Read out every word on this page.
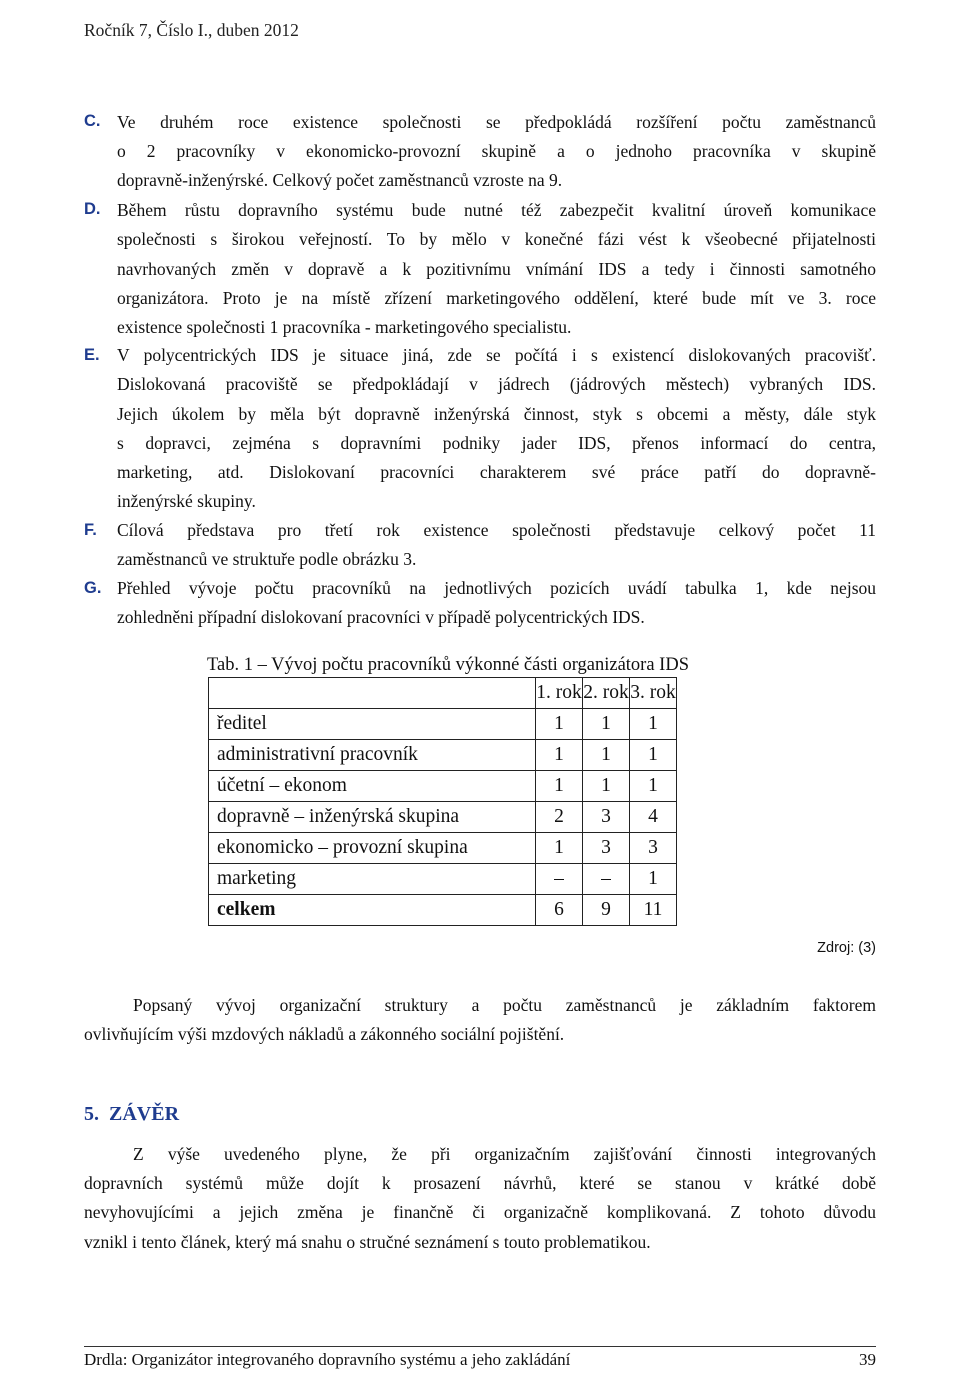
Ročník 7, Číslo I., duben 2012
C. Ve druhém roce existence společnosti se předpokládá rozšíření počtu zaměstnanců
o 2 pracovníky v ekonomicko-provozní skupině a o jednoho pracovníka v skupině
dopravně-inženýrské. Celkový počet zaměstnanců vzroste na 9.
D. Během růstu dopravního systému bude nutné též zabezpečit kvalitní úroveň komunikace
společnosti s širokou veřejností. To by mělo v konečné fázi vést k všeobecné přijatelnosti
navrhovaných změn v dopravě a k pozitivnímu vnímání IDS a tedy i činnosti samotného
organizátora. Proto je na místě zřízení marketingového oddělení, které bude mít ve 3. roce
existence společnosti 1 pracovníka - marketingového specialistu.
E. V polycentrických IDS je situace jiná, zde se počítá i s existencí dislokovaných pracovišť.
Dislokovaná pracoviště se předpokládají v jádrech (jádrových městech) vybraných IDS.
Jejich úkolem by měla být dopravně inženýrská činnost, styk s obcemi a městy, dále styk
s dopravci, zejména s dopravními podniky jader IDS, přenos informací do centra,
marketing, atd. Dislokovaní pracovníci charakterem své práce patří do dopravně-
inženýrské skupiny.
F. Cílová představa pro třetí rok existence společnosti představuje celkový počet 11
zaměstnanců ve struktuře podle obrázku 3.
G. Přehled vývoje počtu pracovníků na jednotlivých pozicích uvádí tabulka 1, kde nejsou
zohledněni případní dislokovaní pracovníci v případě polycentrických IDS.
Tab. 1 – Vývoj počtu pracovníků výkonné části organizátora IDS
	1. rok	2. rok	3. rok
ředitel	1	1	1
administrativní pracovník	1	1	1
účetní – ekonom	1	1	1
dopravně – inženýrská skupina	2	3	4
ekonomicko – provozní skupina	1	3	3
marketing	–	–	1
celkem	6	9	11
Zdroj: (3)
Popsaný vývoj organizační struktury a počtu zaměstnanců je základním faktorem
ovlivňujícím výši mzdových nákladů a zákonného sociální pojištění.
5.  ZÁVĚR
Z výše uvedeného plyne, že při organizačním zajišťování činnosti integrovaných
dopravních systémů může dojít k prosazení návrhů, které se stanou v krátké době
nevyhovujícími a jejich změna je finančně či organizačně komplikovaná. Z tohoto důvodu
vznikl i tento článek, který má snahu o stručné seznámení s touto problematikou.
Drdla: Organizátor integrovaného dopravního systému a jeho zakládání	39
